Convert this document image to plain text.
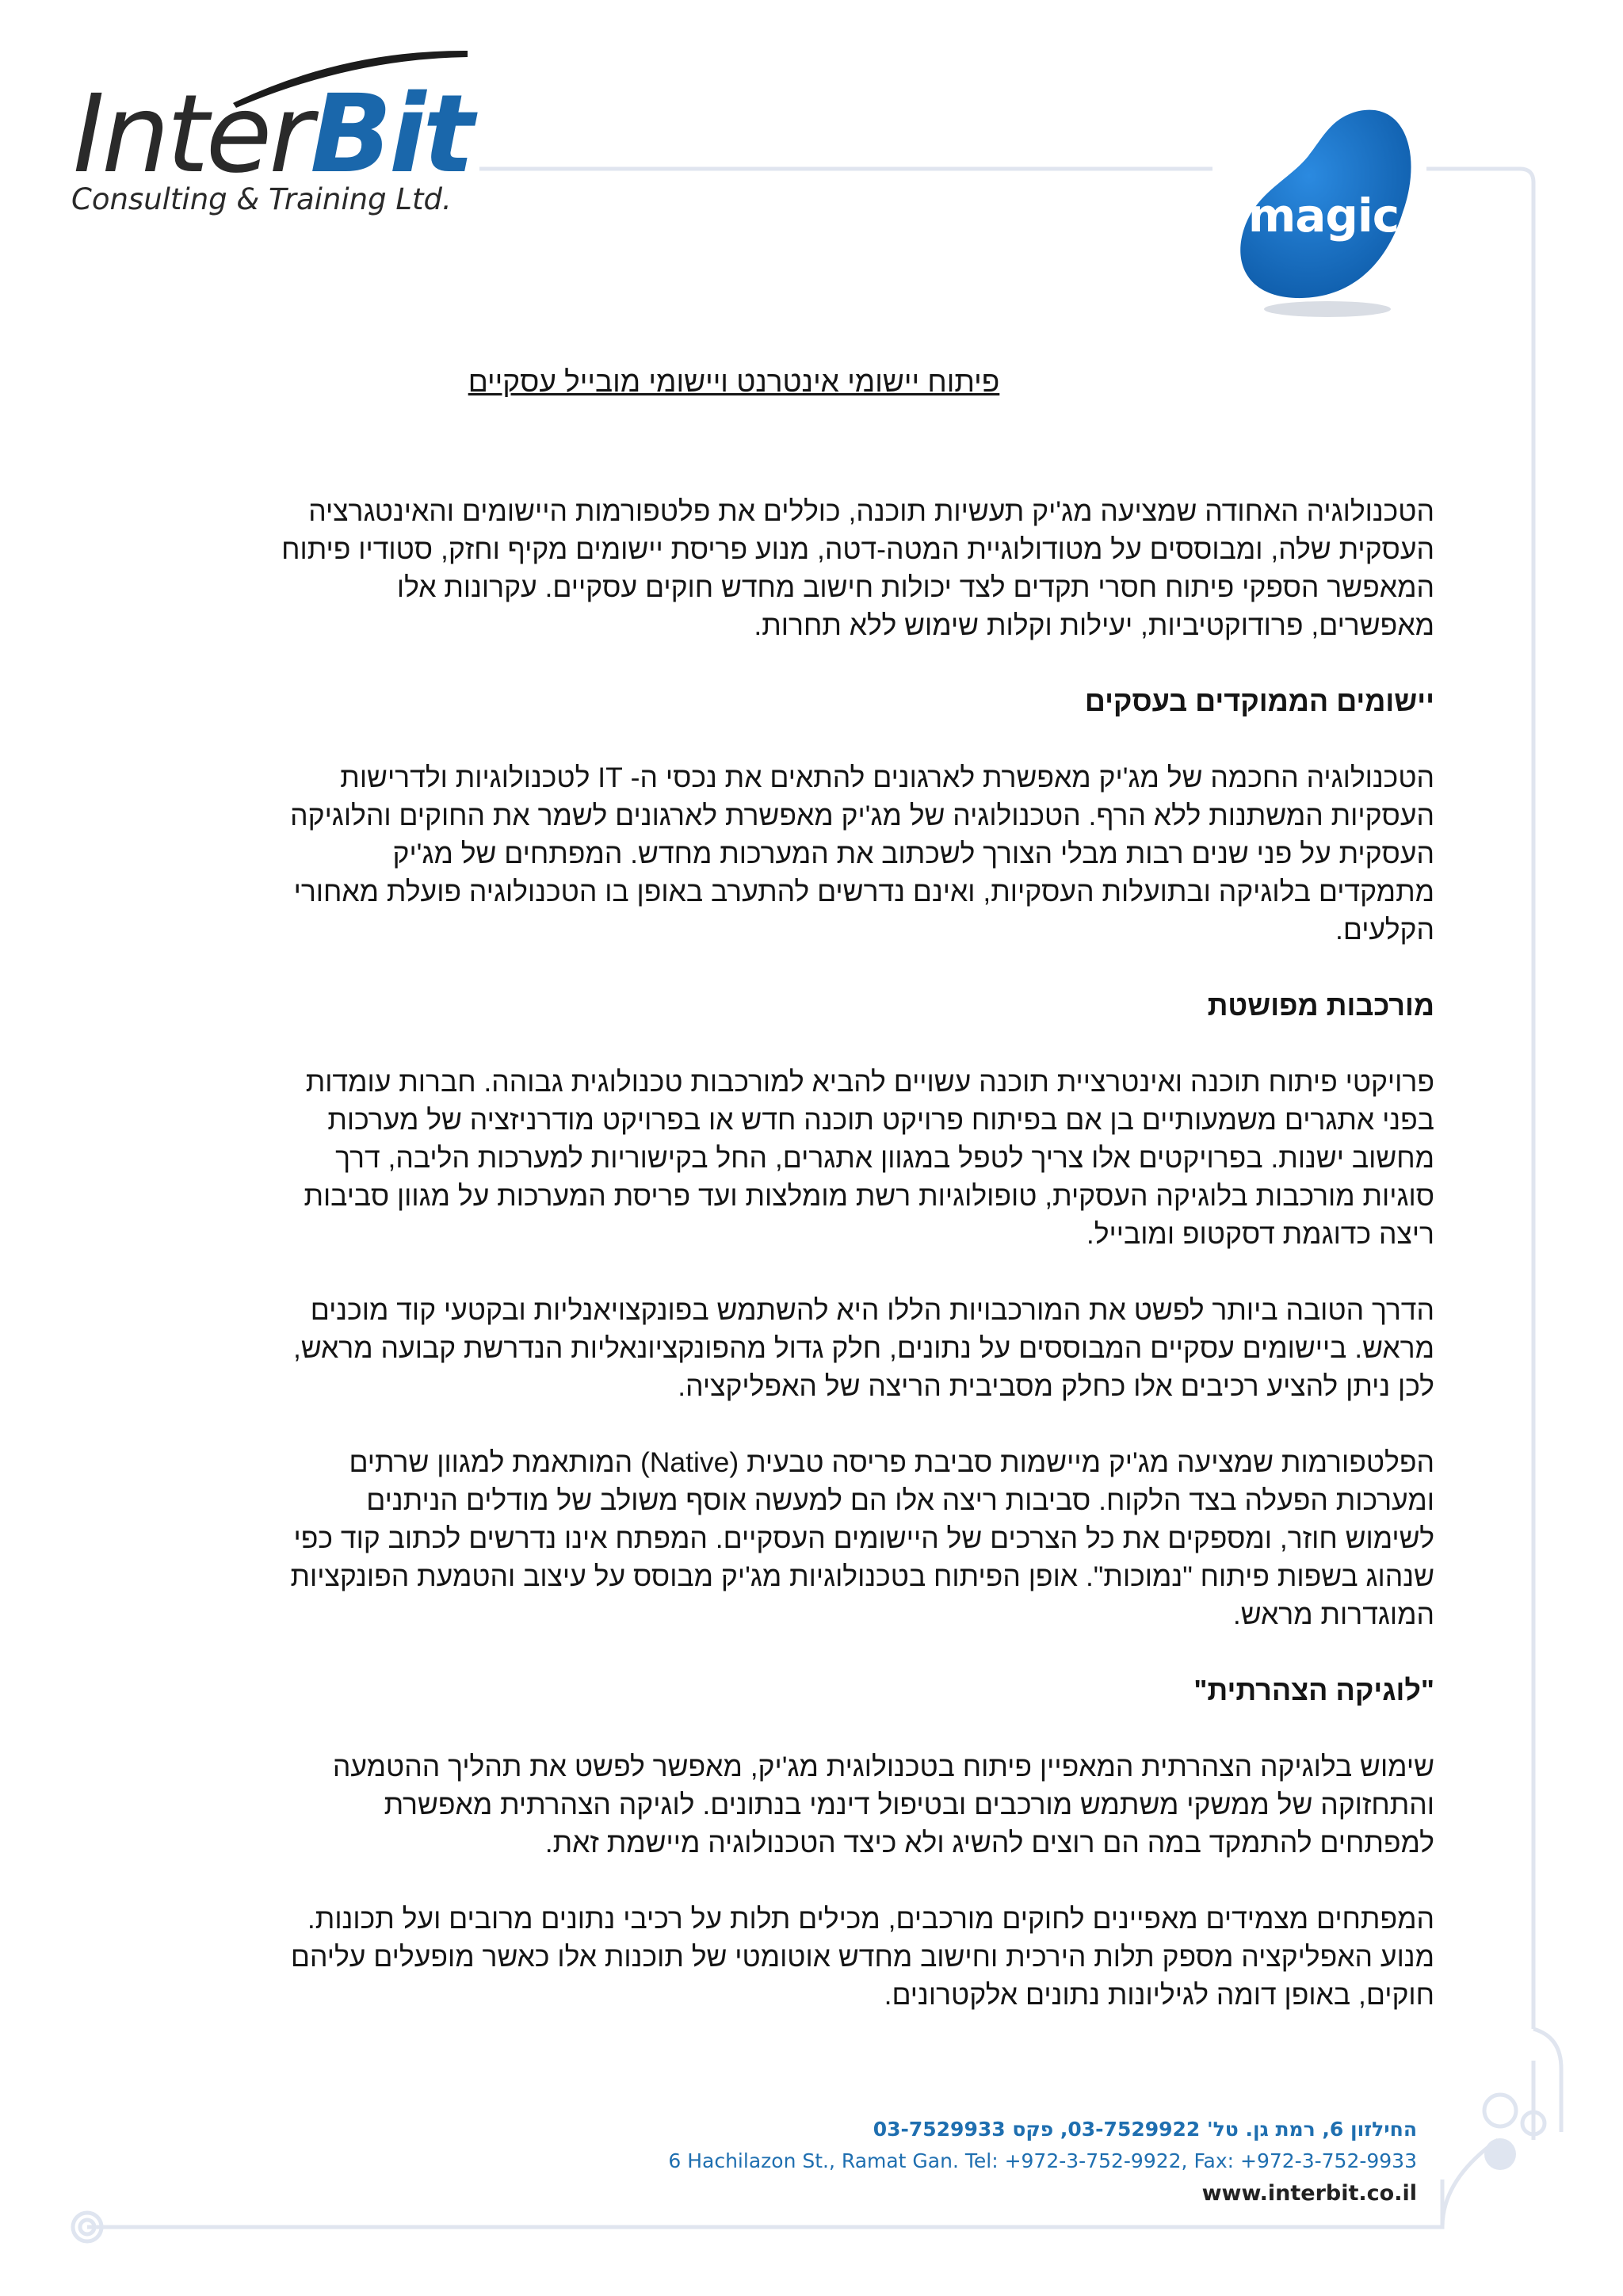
InterBit
Consulting & Training Ltd.	magic
פיתוח יישומי אינטרנט ויישומי מובייל עסקיים
הטכנולוגיה האחודה שמציעה מג'יק תעשיות תוכנה, כוללים את פלטפורמות היישומים והאינטגרציה
העסקית שלה, ומבוססים על מטודולוגיית המטה-דטה, מנוע פריסת יישומים מקיף וחזק, סטודיו פיתוח
המאפשר הספקי פיתוח חסרי תקדים לצד יכולות חישוב מחדש חוקים עסקיים. עקרונות אלו
מאפשרים, פרודוקטיביות, יעילות וקלות שימוש ללא תחרות.
יישומים הממוקדים בעסקים
הטכנולוגיה החכמה של מג'יק מאפשרת לארגונים להתאים את נכסי ה- IT לטכנולוגיות ולדרישות
העסקיות המשתנות ללא הרף. הטכנולוגיה של מג'יק מאפשרת לארגונים לשמר את החוקים והלוגיקה
העסקית על פני שנים רבות מבלי הצורך לשכתוב את המערכות מחדש. המפתחים של מג'יק
מתמקדים בלוגיקה ובתועלות העסקיות, ואינם נדרשים להתערב באופן בו הטכנולוגיה פועלת מאחורי
הקלעים.
מורכבות מפושטת
פרויקטי פיתוח תוכנה ואינטרציית תוכנה עשויים להביא למורכבות טכנולוגית גבוהה. חברות עומדות
בפני אתגרים משמעותיים בן אם בפיתוח פרויקט תוכנה חדש או בפרויקט מודרניזציה של מערכות
מחשוב ישנות. בפרויקטים אלו צריך לטפל במגוון אתגרים, החל בקישוריות למערכות הליבה, דרך
סוגיות מורכבות בלוגיקה העסקית, טופולוגיות רשת מומלצות ועד פריסת המערכות על מגוון סביבות
ריצה כדוגמת דסקטופ ומובייל.
הדרך הטובה ביותר לפשט את המורכבויות הללו היא להשתמש בפונקצויאנליות ובקטעי קוד מוכנים
מראש. ביישומים עסקיים המבוססים על נתונים, חלק גדול מהפונקציונאליות הנדרשת קבועה מראש,
לכן ניתן להציע רכיבים אלו כחלק מסביבית הריצה של האפליקציה.
הפלטפורמות שמציעה מג'יק מיישמות סביבת פריסה טבעית (Native) המותאמת למגוון שרתים
ומערכות הפעלה בצד הלקוח. סביבות ריצה אלו הם למעשה אוסף משולב של מודלים הניתנים
לשימוש חוזר, ומספקים את כל הצרכים של היישומים העסקיים. המפתח אינו נדרשים לכתוב קוד כפי
שנהוג בשפות פיתוח "נמוכות". אופן הפיתוח בטכנולוגיות מג'יק מבוסס על עיצוב והטמעת הפונקציות
המוגדרות מראש.
"לוגיקה הצהרתית"
שימוש בלוגיקה הצהרתית המאפיין פיתוח בטכנולוגית מג'יק, מאפשר לפשט את תהליך ההטמעה
והתחזוקה של ממשקי משתמש מורכבים ובטיפול דינמי בנתונים. לוגיקה הצהרתית מאפשרת
למפתחים להתמקד במה הם רוצים להשיג ולא כיצד הטכנולוגיה מיישמת זאת.
המפתחים מצמידים מאפיינים לחוקים מורכבים, מכילים תלות על רכיבי נתונים מרובים ועל תכונות.
מנוע האפליקציה מספק תלות הירכית וחישוב מחדש אוטומטי של תוכנות אלו כאשר מופעלים עליהם
חוקים, באופן דומה לגיליונות נתונים אלקטרונים.
החילזון 6, רמת גן. טל' 03-7529922, פקס 03-7529933
6 Hachilazon St., Ramat Gan. Tel: +972-3-752-9922, Fax: +972-3-752-9933
www.interbit.co.il
